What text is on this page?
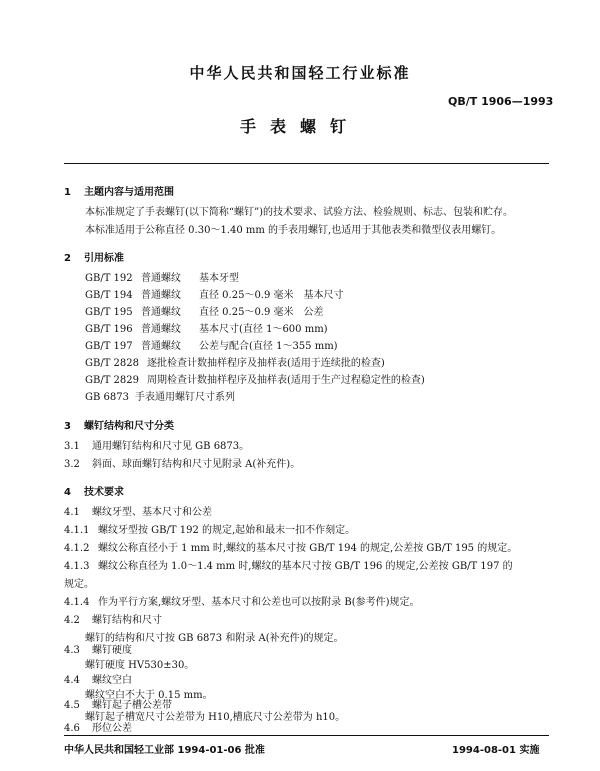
中华人民共和国轻工行业标准
QB/T 1906—1993
手表螺钉
1 主题内容与适用范围
本标准规定了手表螺钉(以下简称“螺钉”)的技术要求、试验方法、检验规则、标志、包装和贮存。
本标准适用于公称直径 0.30～1.40 mm 的手表用螺钉,也适用于其他表类和微型仪表用螺钉。
2 引用标准
GB/T 192 普通螺纹 基本牙型
GB/T 194 普通螺纹 直径 0.25～0.9 毫米　基本尺寸
GB/T 195 普通螺纹 直径 0.25～0.9 毫米　公差
GB/T 196 普通螺纹 基本尺寸(直径 1～600 mm)
GB/T 197 普通螺纹 公差与配合(直径 1～355 mm)
GB/T 2828 逐批检查计数抽样程序及抽样表(适用于连续批的检查)
GB/T 2829 周期检查计数抽样程序及抽样表(适用于生产过程稳定性的检查)
GB 6873 手表通用螺钉尺寸系列
3 螺钉结构和尺寸分类
3.1 通用螺钉结构和尺寸见 GB 6873。
3.2 斜面、球面螺钉结构和尺寸见附录 A(补充件)。
4 技术要求
4.1 螺纹牙型、基本尺寸和公差
4.1.1 螺纹牙型按 GB/T 192 的规定,起始和最末一扣不作刻定。
4.1.2 螺纹公称直径小于 1 mm 时,螺纹的基本尺寸按 GB/T 194 的规定,公差按 GB/T 195 的规定。
4.1.3 螺纹公称直径为 1.0～1.4 mm 时,螺纹的基本尺寸按 GB/T 196 的规定,公差按 GB/T 197 的
规定。
4.1.4 作为平行方案,螺纹牙型、基本尺寸和公差也可以按附录 B(参考件)规定。
4.2 螺钉结构和尺寸
螺钉的结构和尺寸按 GB 6873 和附录 A(补充件)的规定。
4.3 螺钉硬度
螺钉硬度 HV530±30。
4.4 螺纹空白
螺纹空白不大于 0.15 mm。
4.5 螺钉起子槽公差带
中华人民共和国轻工业部 1994-01-06 批准	1994-08-01 实施
螺钉起子槽宽尺寸公差带为 H10,槽底尺寸公差带为 h10。
4.6 形位公差
